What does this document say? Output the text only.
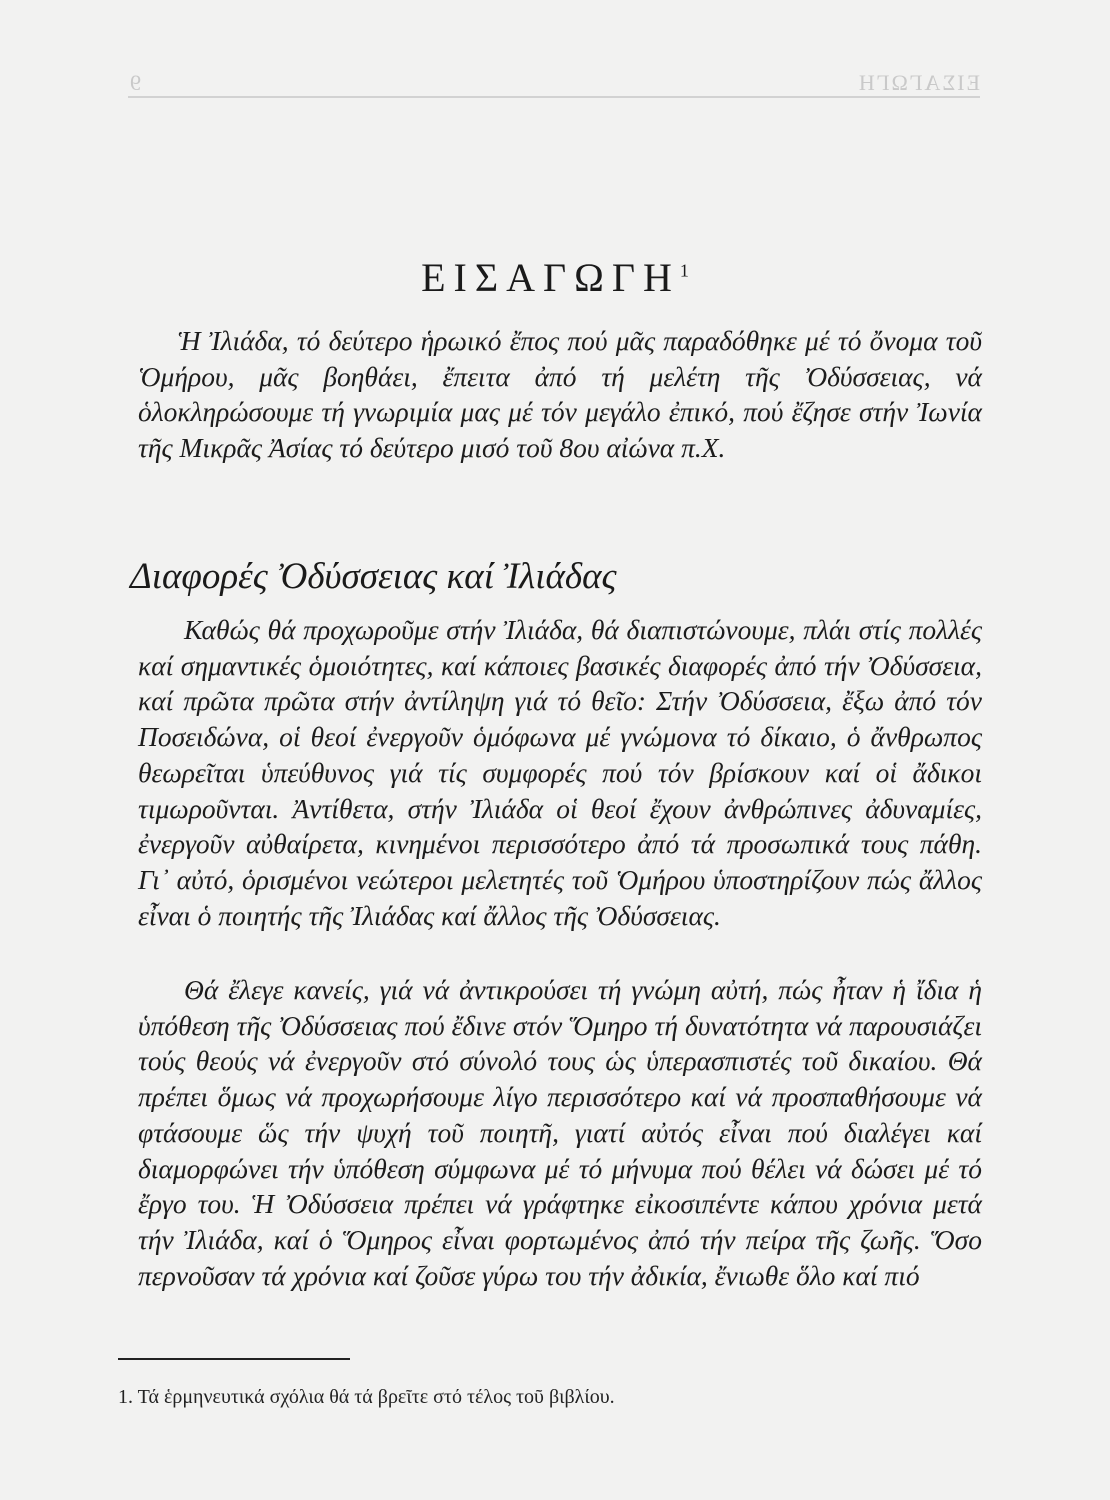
ΕΙΣΑΓΩΓΗ
9
ΕΙΣΑΓΩΓΗ$^1$

Ἡ Ἰλιάδα, τό δεύτερο ἡρωικό ἔπος πού μᾶς παραδόθηκε μέ τό ὄνομα τοῦ Ὁμήρου, μᾶς βοηθάει, ἔπειτα ἀπό τή μελέτη τῆς Ὀδύσσειας, νά ὁλοκληρώσουμε τή γνωριμία μας μέ τόν μεγάλο ἐπικό, πού ἔζησε στήν Ἰωνία τῆς Μικρᾶς Ἀσίας τό δεύτερο μισό τοῦ 8ου αἰώνα π.Χ.

Διαφορές Ὀδύσσειας καί Ἰλιάδας

Καθώς θά προχωροῦμε στήν Ἰλιάδα, θά διαπιστώνουμε, πλάι στίς πολλές καί σημαντικές ὁμοιότητες, καί κάποιες βασικές διαφορές ἀπό τήν Ὀδύσσεια, καί πρῶτα πρῶτα στήν ἀντίληψη γιά τό θεῖο: Στήν Ὀδύσσεια, ἔξω ἀπό τόν Ποσειδώνα, οἱ θεοί ἐνεργοῦν ὁμόφωνα μέ γνώμονα τό δίκαιο, ὁ ἄνθρωπος θεωρεῖται ὑπεύθυνος γιά τίς συμφορές πού τόν βρίσκουν καί οἱ ἄδικοι τιμωροῦνται. Ἀντίθετα, στήν Ἰλιάδα οἱ θεοί ἔχουν ἀνθρώπινες ἀδυναμίες, ἐνεργοῦν αὐθαίρετα, κινημένοι περισσότερο ἀπό τά προσωπικά τους πάθη. Γι᾽ αὐτό, ὁρισμένοι νεώτεροι μελετητές τοῦ Ὁμήρου ὑποστηρίζουν πώς ἄλλος εἶναι ὁ ποιητής τῆς Ἰλιάδας καί ἄλλος τῆς Ὀδύσσειας.

Θά ἔλεγε κανείς, γιά νά ἀντικρούσει τή γνώμη αὐτή, πώς ἦταν ἡ ἴδια ἡ ὑπόθεση τῆς Ὀδύσσειας πού ἔδινε στόν Ὅμηρο τή δυνατότητα νά παρουσιάζει τούς θεούς νά ἐνεργοῦν στό σύνολό τους ὡς ὑπερασπιστές τοῦ δικαίου. Θά πρέπει ὅμως νά προχωρήσουμε λίγο περισσότερο καί νά προσπαθήσουμε νά φτάσουμε ὥς τήν ψυχή τοῦ ποιητῆ, γιατί αὐτός εἶναι πού διαλέγει καί διαμορφώνει τήν ὑπόθεση σύμφωνα μέ τό μήνυμα πού θέλει νά δώσει μέ τό ἔργο του. Ἡ Ὀδύσσεια πρέπει νά γράφτηκε εἰκοσιπέντε κάπου χρόνια μετά τήν Ἰλιάδα, καί ὁ Ὅμηρος εἶναι φορτωμένος ἀπό τήν πείρα τῆς ζωῆς. Ὅσο περνοῦσαν τά χρόνια καί ζοῦσε γύρω του τήν ἀδικία, ἔνιωθε ὅλο καί πιό

1. Τά ἑρμηνευτικά σχόλια θά τά βρεῖτε στό τέλος τοῦ βιβλίου.
